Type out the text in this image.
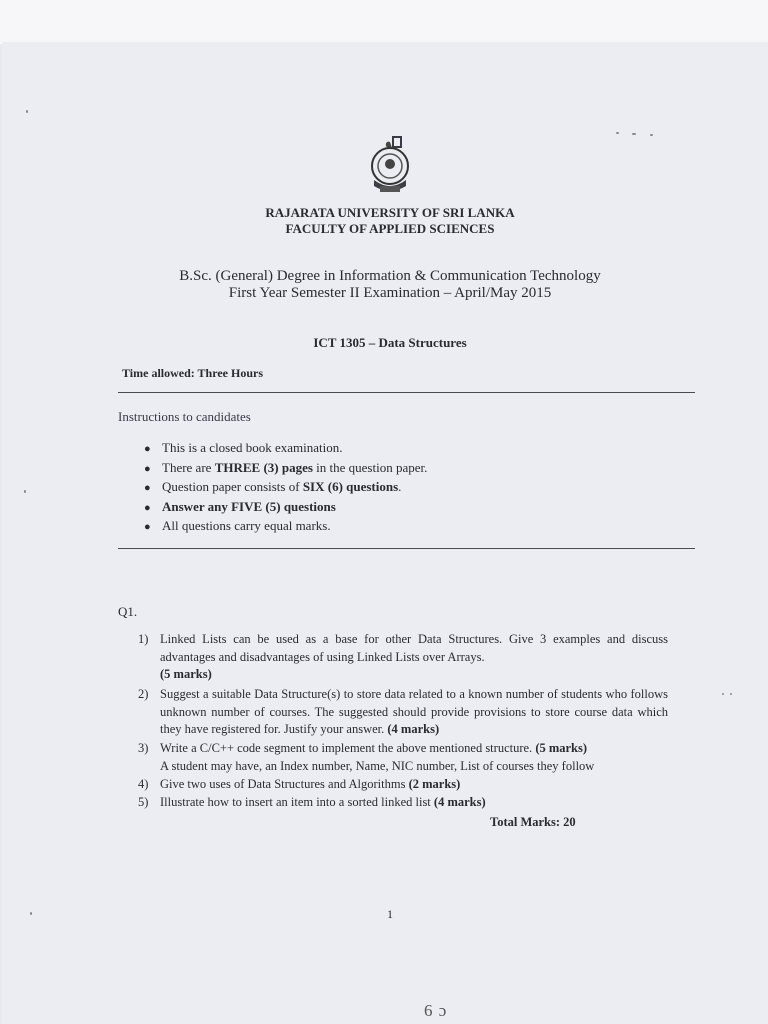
RAJARATA UNIVERSITY OF SRI LANKA
FACULTY OF APPLIED SCIENCES
B.Sc. (General) Degree in Information & Communication Technology
First Year Semester II Examination – April/May 2015
ICT 1305 – Data Structures
Time allowed: Three Hours
Instructions to candidates
● This is a closed book examination.
● There are THREE (3) pages in the question paper.
● Question paper consists of SIX (6) questions.
● Answer any FIVE (5) questions
● All questions carry equal marks.
Q1.
1) Linked Lists can be used as a base for other Data Structures. Give 3 examples and discuss advantages and disadvantages of using Linked Lists over Arrays.
(5 marks)
2) Suggest a suitable Data Structure(s) to store data related to a known number of students who follows unknown number of courses. The suggested should provide provisions to store course data which they have registered for. Justify your answer. (4 marks)
3) Write a C/C++ code segment to implement the above mentioned structure. (5 marks)
A student may have, an Index number, Name, NIC number, List of courses they follow
4) Give two uses of Data Structures and Algorithms (2 marks)
5) Illustrate how to insert an item into a sorted linked list (4 marks)
Total Marks: 20
1
6 ɔ
